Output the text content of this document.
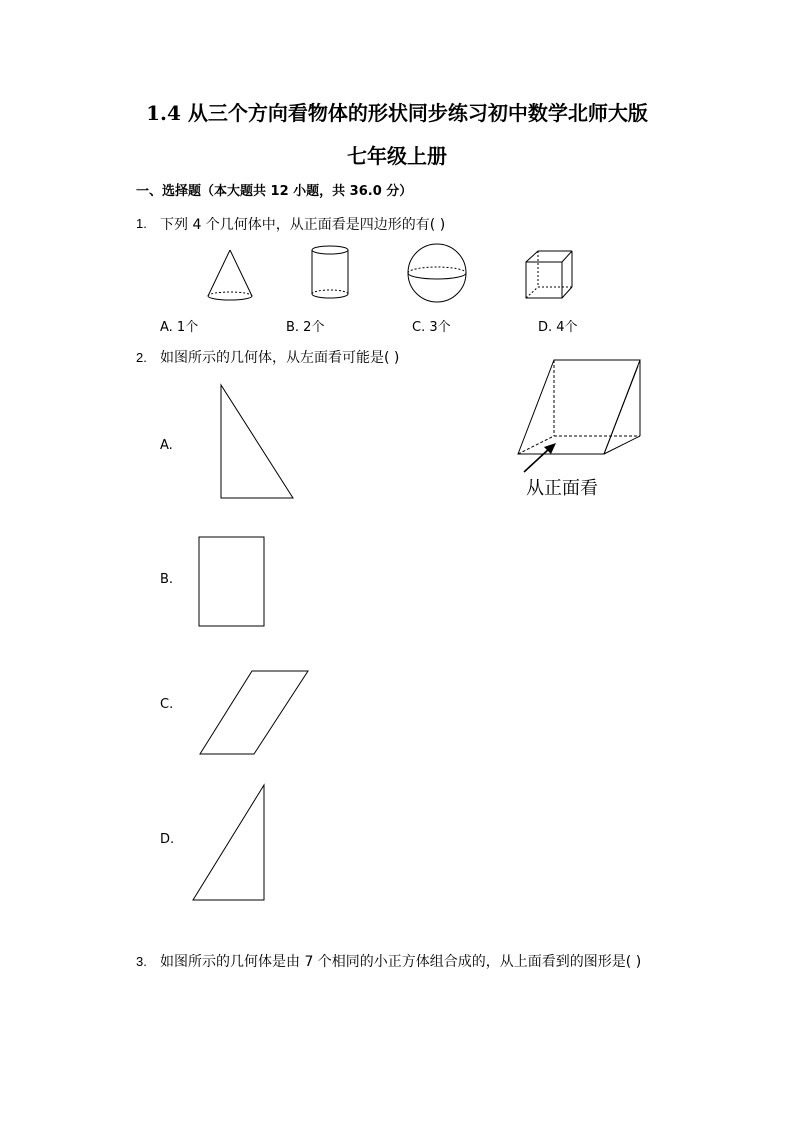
1.4 从三个方向看物体的形状同步练习初中数学北师大版
七年级上册
一、选择题（本大题共 12 小题，共 36.0 分）
1. 下列 4 个几何体中，从正面看是四边形的有( )
A. 1个	B. 2个	C. 3个	D. 4个
2. 如图所示的几何体，从左面看可能是( )
从正面看
A.
B.
C.
D.
3. 如图所示的几何体是由 7 个相同的小正方体组合成的，从上面看到的图形是( )
